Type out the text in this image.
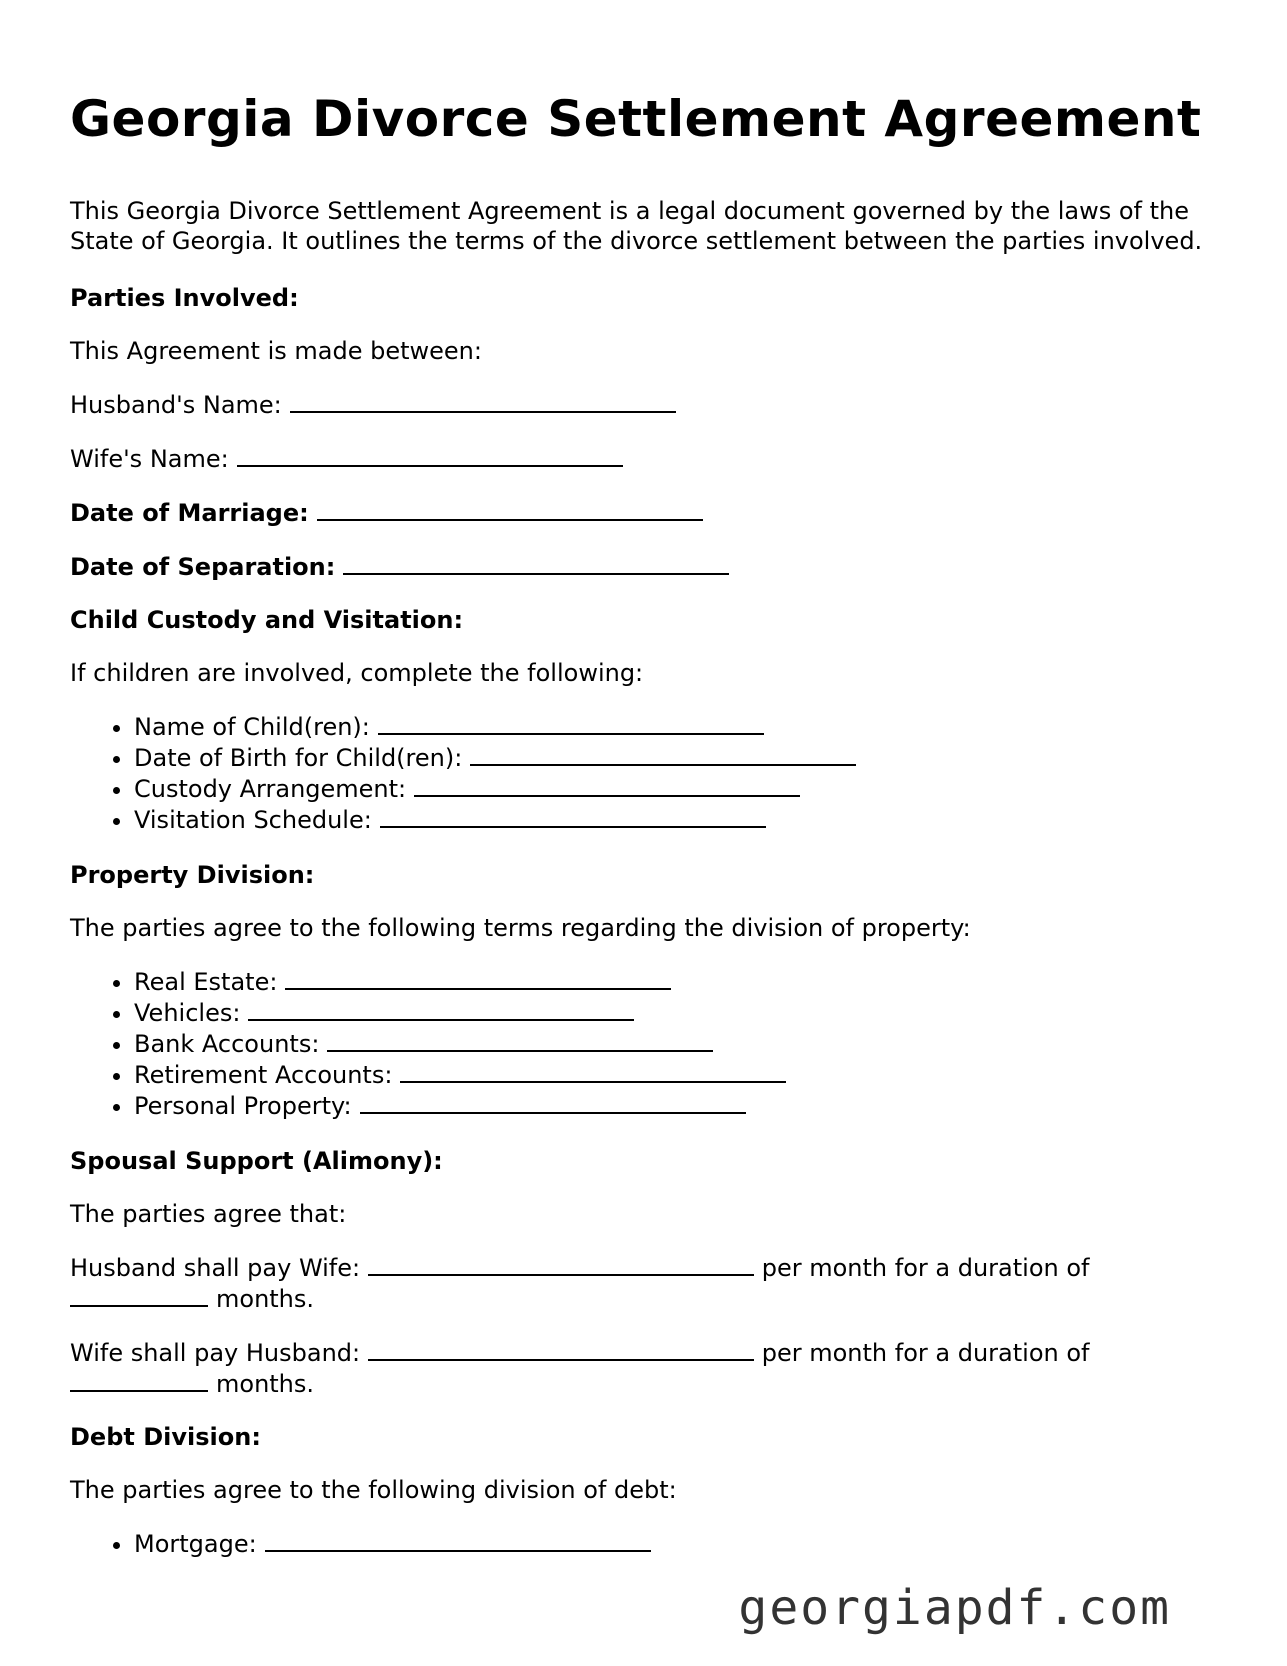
Georgia Divorce Settlement Agreement

This Georgia Divorce Settlement Agreement is a legal document governed by the laws of the State of Georgia. It outlines the terms of the divorce settlement between the parties involved.

Parties Involved:

This Agreement is made between:

Husband's Name:

Wife's Name:

Date of Marriage:

Date of Separation:

Child Custody and Visitation:

If children are involved, complete the following:

• Name of Child(ren):
• Date of Birth for Child(ren):
• Custody Arrangement:
• Visitation Schedule:

Property Division:

The parties agree to the following terms regarding the division of property:

• Real Estate:
• Vehicles:
• Bank Accounts:
• Retirement Accounts:
• Personal Property:

Spousal Support (Alimony):

The parties agree that:

Husband shall pay Wife:	per month for a duration of
months.

Wife shall pay Husband:	per month for a duration of
months.

Debt Division:

The parties agree to the following division of debt:

• Mortgage:
georgiapdf.com
